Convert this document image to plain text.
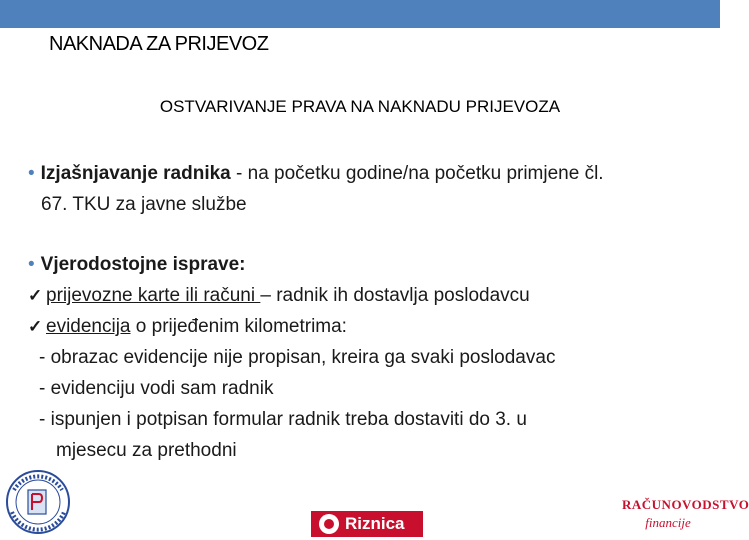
NAKNADA ZA PRIJEVOZ
OSTVARIVANJE PRAVA NA NAKNADU PRIJEVOZA
• Izjašnjavanje radnika - na početku godine/na početku primjene čl.
67. TKU za javne službe
• Vjerodostojne isprave:
✓ prijevozne karte ili računi – radnik ih dostavlja poslodavcu
✓ evidencija o prijeđenim kilometrima:
- obrazac evidencije nije propisan, kreira ga svaki poslodavac
- evidenciju vodi sam radnik
- ispunjen i potpisan formular radnik treba dostaviti do 3. u
mjesecu za prethodni
Riznica
RAČUNOVODSTVO
financije
